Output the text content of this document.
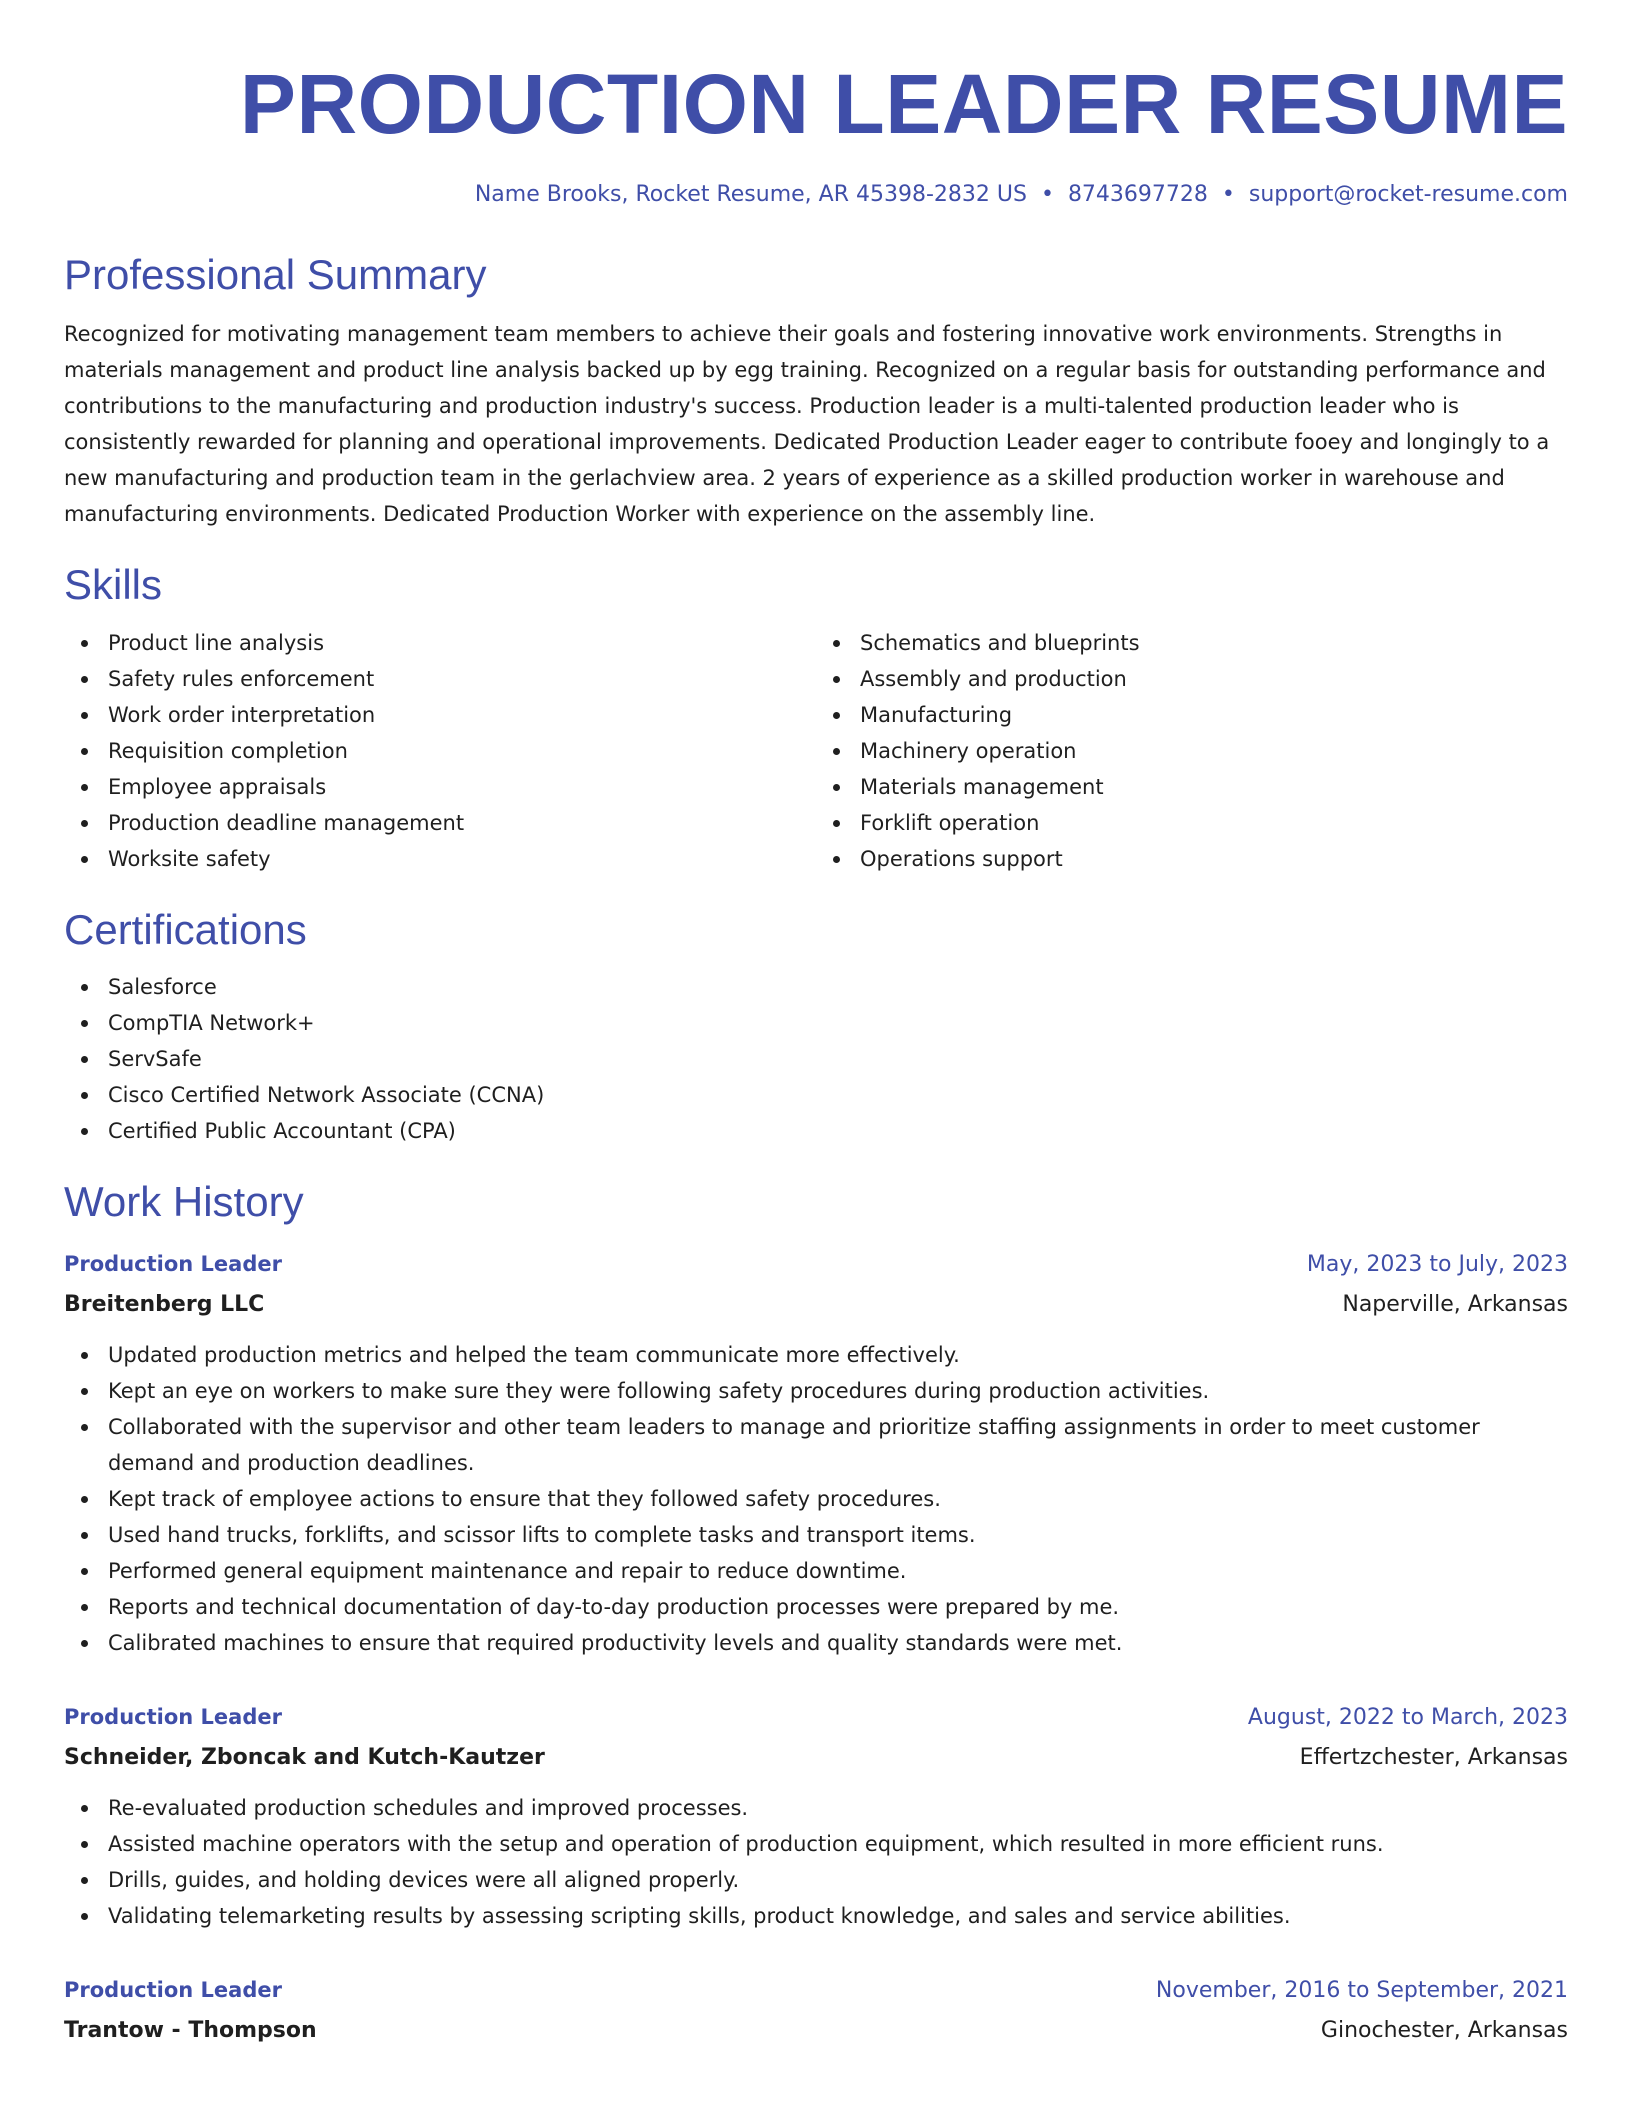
PRODUCTION LEADER RESUME
Name Brooks, Rocket Resume, AR 45398-2832 US • 8743697728 • support@rocket-resume.com
Professional Summary

Recognized for motivating management team members to achieve their goals and fostering innovative work environments. Strengths in materials management and product line analysis backed up by egg training. Recognized on a regular basis for outstanding performance and contributions to the manufacturing and production industry's success. Production leader is a multi-talented production leader who is consistently rewarded for planning and operational improvements. Dedicated Production Leader eager to contribute fooey and longingly to a new manufacturing and production team in the gerlachview area. 2 years of experience as a skilled production worker in warehouse and manufacturing environments. Dedicated Production Worker with experience on the assembly line.

Skills
Product line analysis
Safety rules enforcement
Work order interpretation
Requisition completion
Employee appraisals
Production deadline management
Worksite safety
Schematics and blueprints
Assembly and production
Manufacturing
Machinery operation
Materials management
Forklift operation
Operations support
Certifications
Salesforce
CompTIA Network+
ServSafe
Cisco Certified Network Associate (CCNA)
Certified Public Accountant (CPA)
Work History
Production Leader	May, 2023 to July, 2023
Breitenberg LLC	Naperville, Arkansas
Updated production metrics and helped the team communicate more effectively.
Kept an eye on workers to make sure they were following safety procedures during production activities.
Collaborated with the supervisor and other team leaders to manage and prioritize staffing assignments in order to meet customer demand and production deadlines.
Kept track of employee actions to ensure that they followed safety procedures.
Used hand trucks, forklifts, and scissor lifts to complete tasks and transport items.
Performed general equipment maintenance and repair to reduce downtime.
Reports and technical documentation of day-to-day production processes were prepared by me.
Calibrated machines to ensure that required productivity levels and quality standards were met.
Production Leader	August, 2022 to March, 2023
Schneider, Zboncak and Kutch-Kautzer	Effertzchester, Arkansas
Re-evaluated production schedules and improved processes.
Assisted machine operators with the setup and operation of production equipment, which resulted in more efficient runs.
Drills, guides, and holding devices were all aligned properly.
Validating telemarketing results by assessing scripting skills, product knowledge, and sales and service abilities.
Production Leader	November, 2016 to September, 2021
Trantow - Thompson	Ginochester, Arkansas
